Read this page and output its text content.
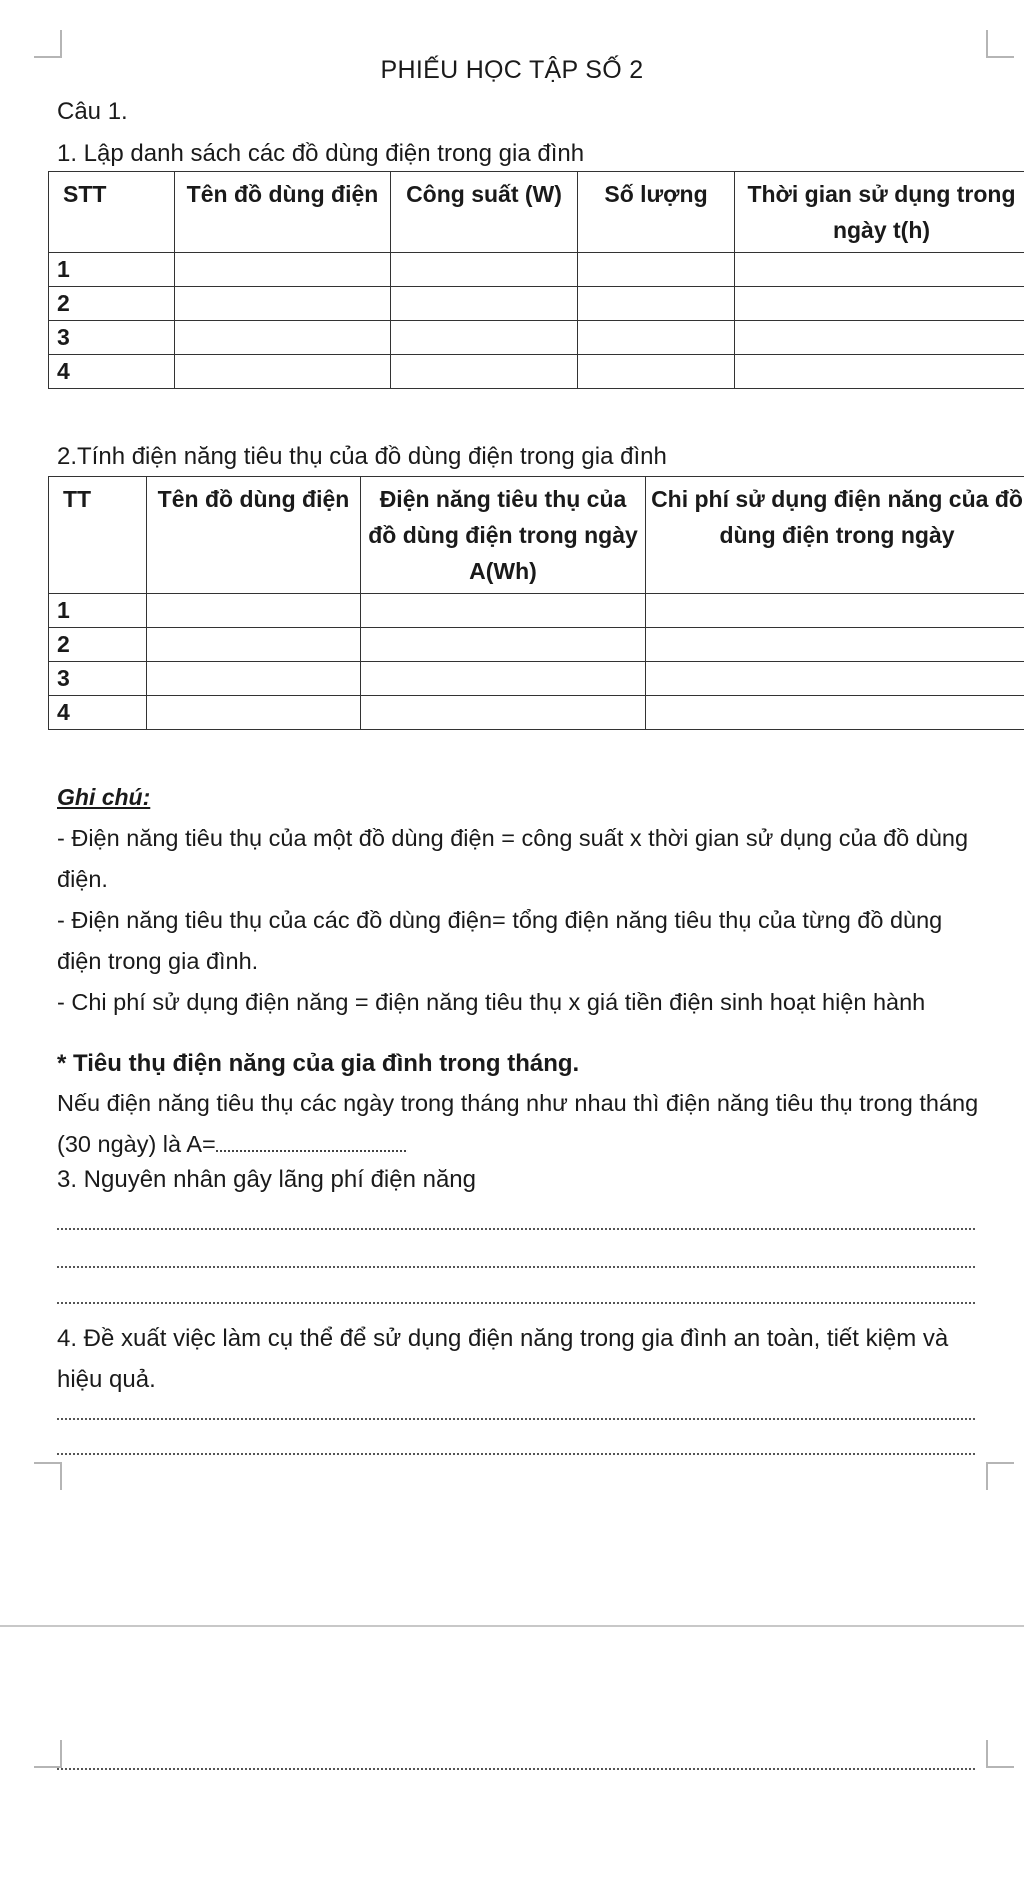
PHIẾU HỌC TẬP SỐ 2
Câu 1.
1. Lập danh sách các đồ dùng điện trong gia đình
STT	Tên đồ dùng điện	Công suất (W)	Số lượng	Thời gian sử dụng trong ngày t(h)
1				
2				
3				
4				
2.Tính điện năng tiêu thụ của đồ dùng điện trong gia đình
TT	Tên đồ dùng điện	Điện năng tiêu thụ của đồ dùng điện trong ngày A(Wh)	Chi phí sử dụng điện năng của đồ dùng điện trong ngày
1			
2			
3			
4			
Ghi chú:
- Điện năng tiêu thụ của một đồ dùng điện = công suất x thời gian sử dụng của đồ dùng điện.
- Điện năng tiêu thụ của các đồ dùng điện= tổng điện năng tiêu thụ của từng đồ dùng điện trong gia đình.
- Chi phí sử dụng điện năng = điện năng tiêu thụ x giá tiền điện sinh hoạt hiện hành
* Tiêu thụ điện năng của gia đình trong tháng.
Nếu điện năng tiêu thụ các ngày trong tháng như nhau thì điện năng tiêu thụ trong tháng (30 ngày) là A=
3. Nguyên nhân gây lãng phí điện năng
4. Đề xuất việc làm cụ thể để sử dụng điện năng trong gia đình an toàn, tiết kiệm và hiệu quả.
